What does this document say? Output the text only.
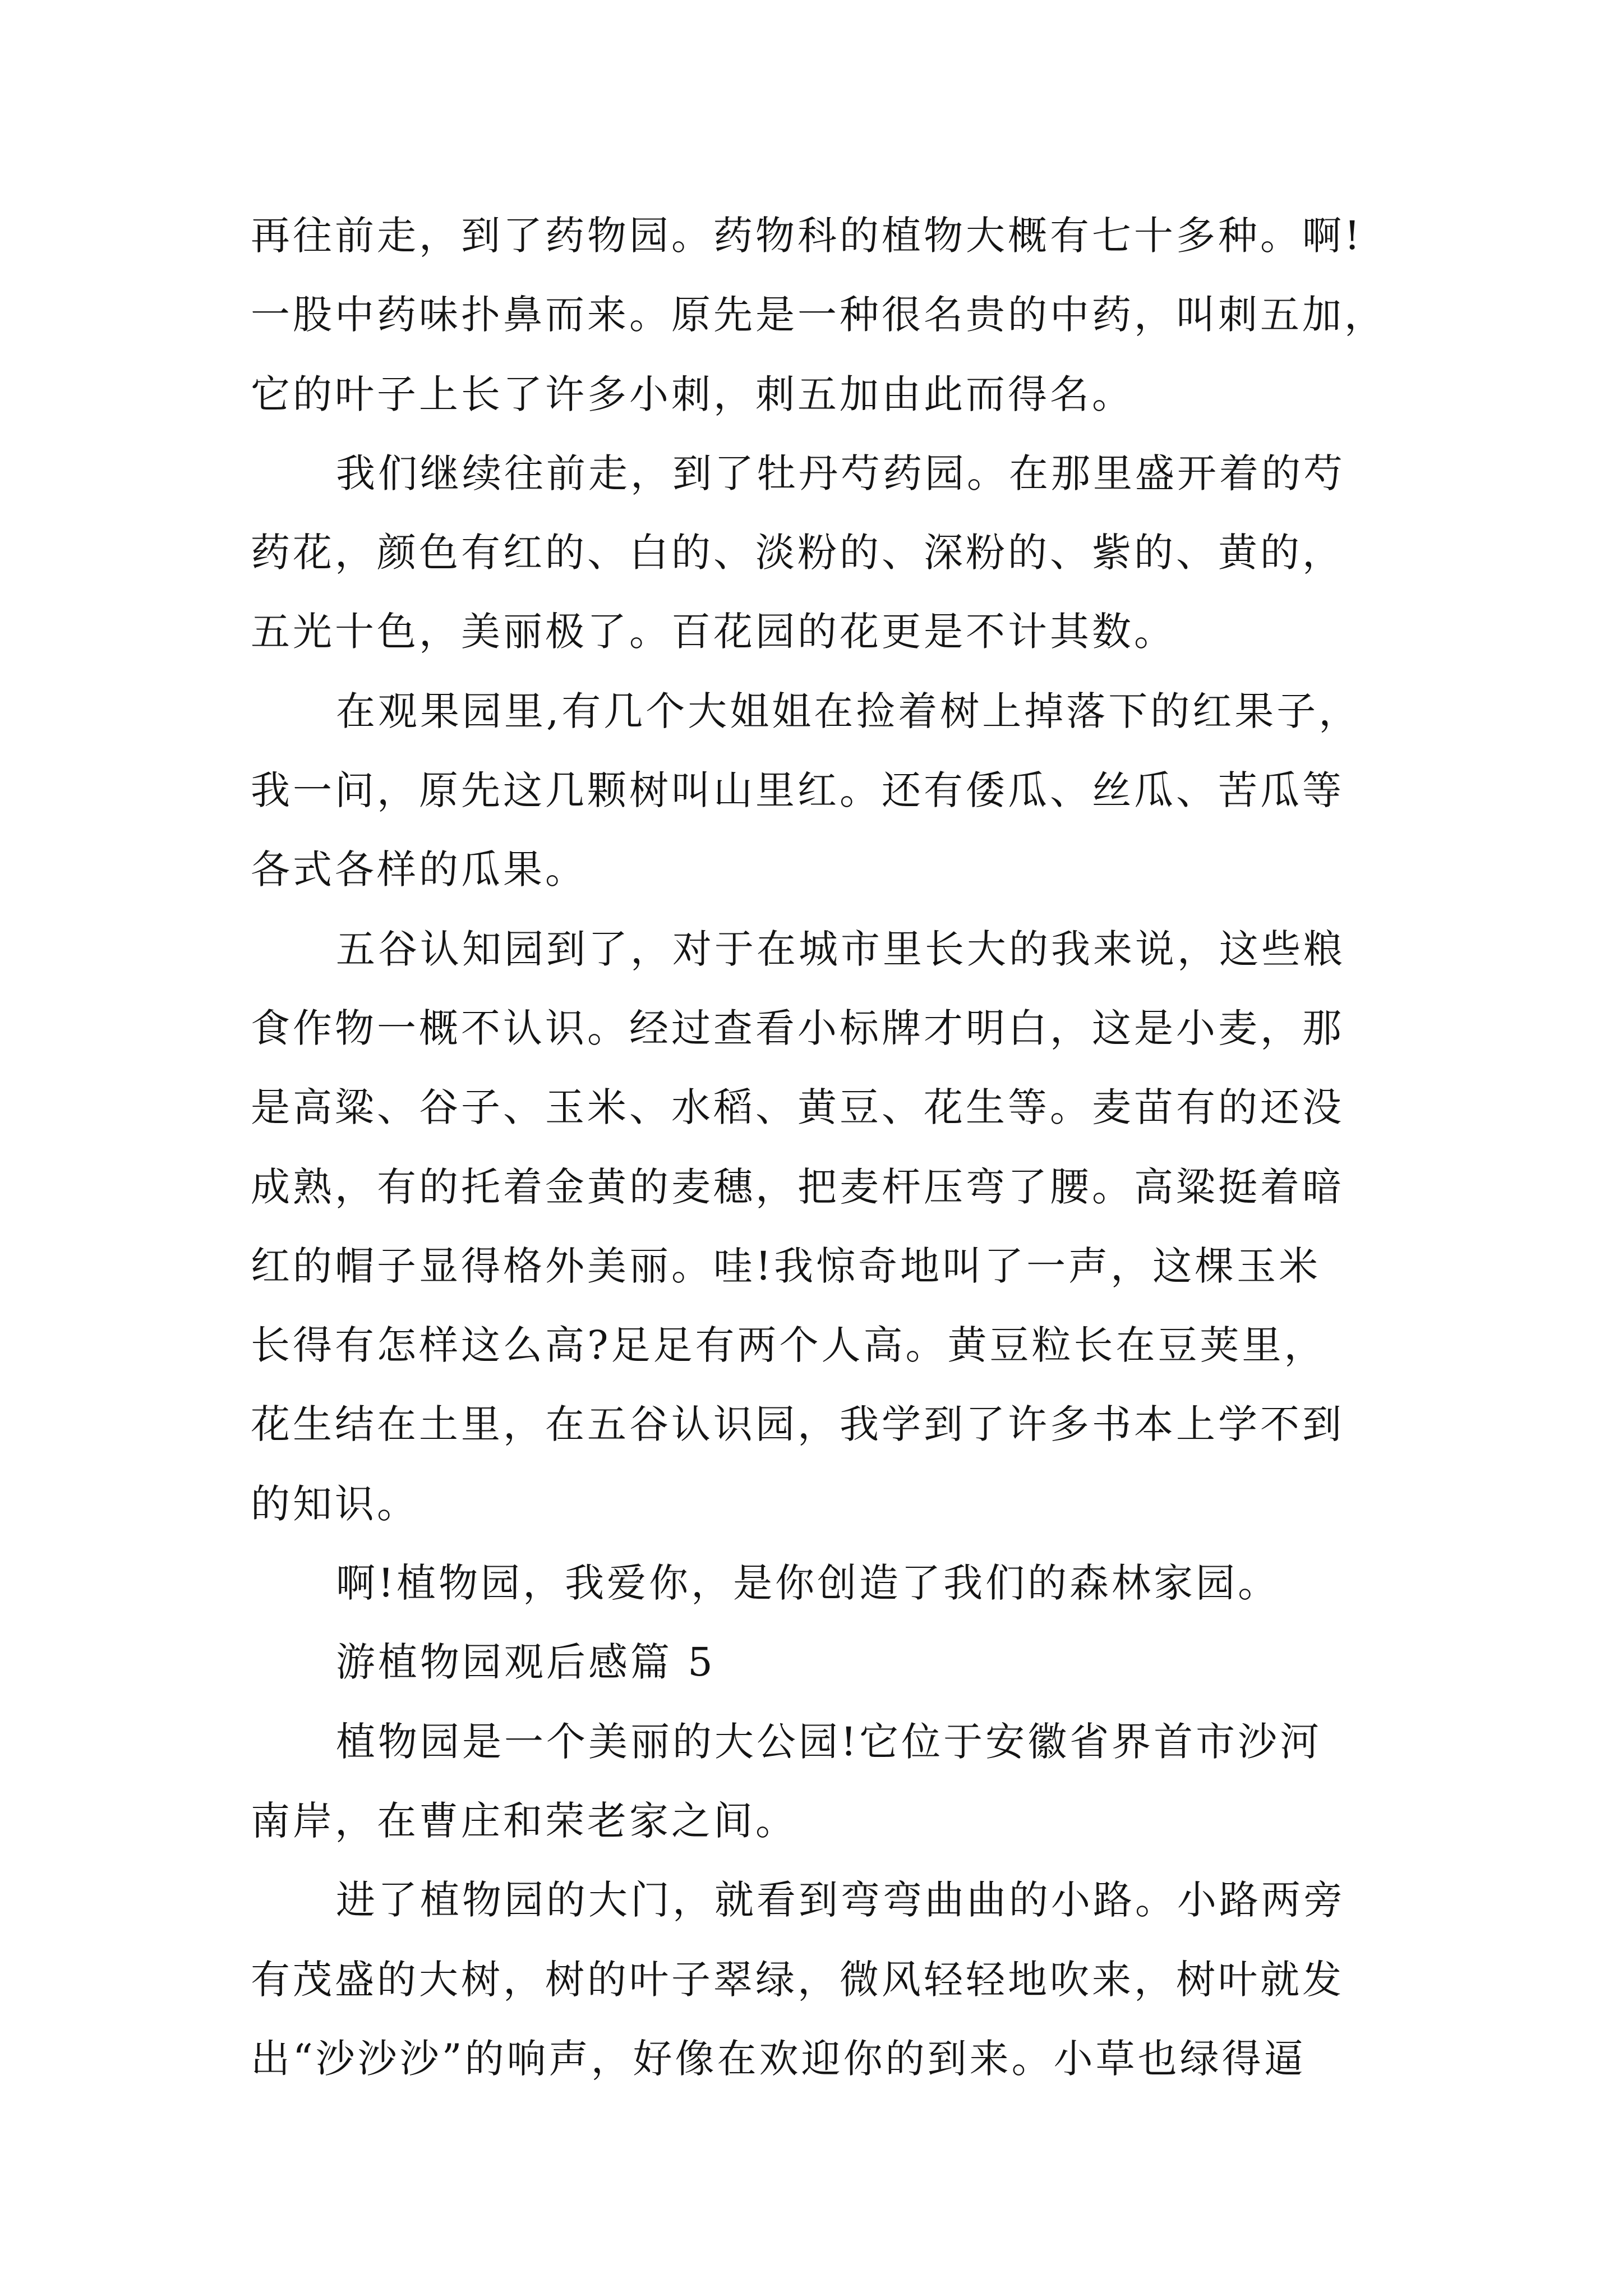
再往前走，到了药物园。药物科的植物大概有七十多种。啊!
一股中药味扑鼻而来。原先是一种很名贵的中药，叫刺五加，
它的叶子上长了许多小刺，刺五加由此而得名。
我们继续往前走，到了牡丹芍药园。在那里盛开着的芍
药花，颜色有红的、白的、淡粉的、深粉的、紫的、黄的，
五光十色，美丽极了。百花园的花更是不计其数。
在观果园里,有几个大姐姐在捡着树上掉落下的红果子，
我一问，原先这几颗树叫山里红。还有倭瓜、丝瓜、苦瓜等
各式各样的瓜果。
五谷认知园到了，对于在城市里长大的我来说，这些粮
食作物一概不认识。经过查看小标牌才明白，这是小麦，那
是高粱、谷子、玉米、水稻、黄豆、花生等。麦苗有的还没
成熟，有的托着金黄的麦穗，把麦杆压弯了腰。高粱挺着暗
红的帽子显得格外美丽。哇!我惊奇地叫了一声，这棵玉米
长得有怎样这么高?足足有两个人高。黄豆粒长在豆荚里，
花生结在土里，在五谷认识园，我学到了许多书本上学不到
的知识。
啊!植物园，我爱你，是你创造了我们的森林家园。
游植物园观后感篇 5
植物园是一个美丽的大公园!它位于安徽省界首市沙河
南岸，在曹庄和荣老家之间。
进了植物园的大门，就看到弯弯曲曲的小路。小路两旁
有茂盛的大树，树的叶子翠绿，微风轻轻地吹来，树叶就发
出“沙沙沙”的响声，好像在欢迎你的到来。小草也绿得逼
